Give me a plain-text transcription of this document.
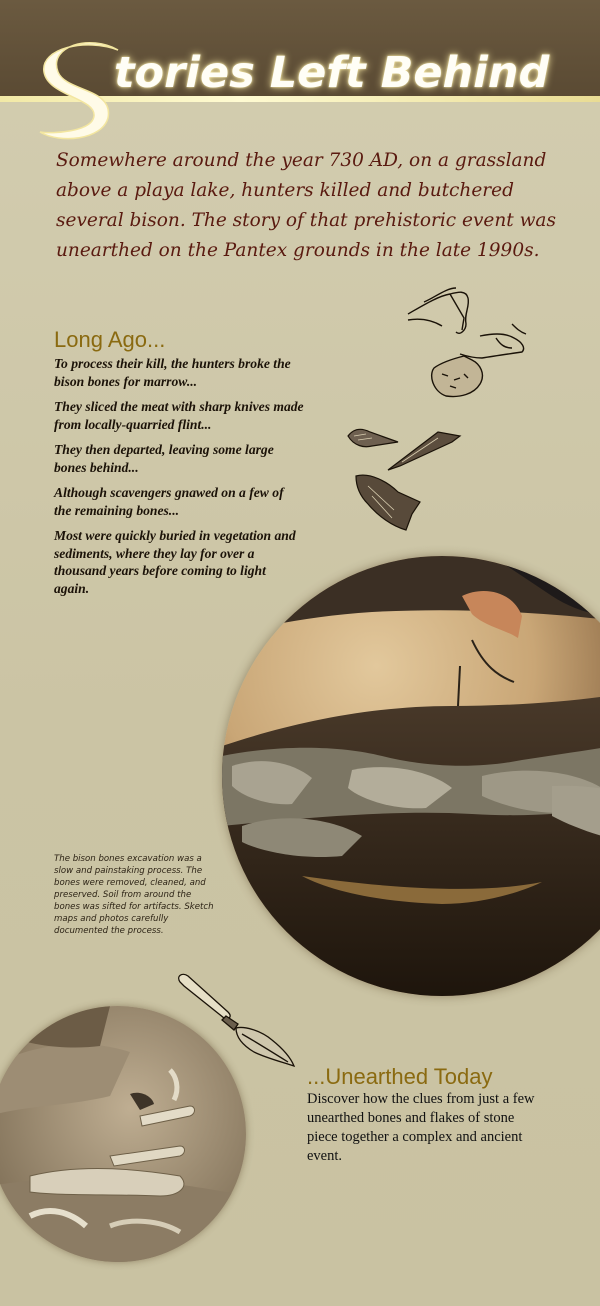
tories Left Behind
Somewhere around the year 730 AD, on a grassland above a playa lake, hunters killed and butchered several bison. The story of that prehistoric event was unearthed on the Pantex grounds in the late 1990s.
Long Ago...

To process their kill, the hunters broke the bison bones for marrow...

They sliced the meat with sharp knives made from locally-quarried flint...

They then departed, leaving some large bones behind...

Although scavengers gnawed on a few of the remaining bones...

Most were quickly buried in vegetation and sediments, where they lay for over a thousand years before coming to light again.

The bison bones excavation was a slow and painstaking process. The bones were removed, cleaned, and preserved. Soil from around the bones was sifted for artifacts. Sketch maps and photos carefully documented the process.
...Unearthed Today
Discover how the clues from just a few unearthed bones and flakes of stone piece together a complex and ancient event.
